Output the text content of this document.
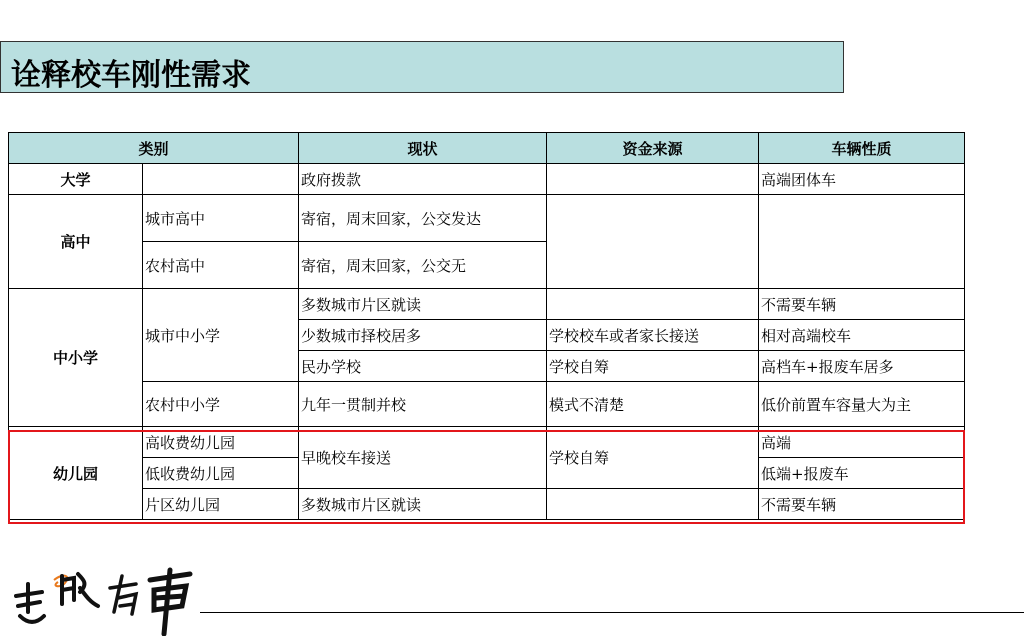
诠释校车刚性需求
类别		现状	资金来源	车辆性质
大学		政府拨款		高端团体车
高中	城市高中	寄宿，周末回家，公交发达		
	农村高中	寄宿，周末回家，公交无		
中小学	城市中小学	多数城市片区就读		不需要车辆
		少数城市择校居多	学校校车或者家长接送	相对高端校车
		民办学校	学校自筹	高档车+报废车居多
	农村中小学	九年一贯制并校	模式不清楚	低价前置车容量大为主
幼儿园	高收费幼儿园	早晚校车接送	学校自筹	高端
	低收费幼儿园			低端+报废车
	片区幼儿园	多数城市片区就读		不需要车辆
